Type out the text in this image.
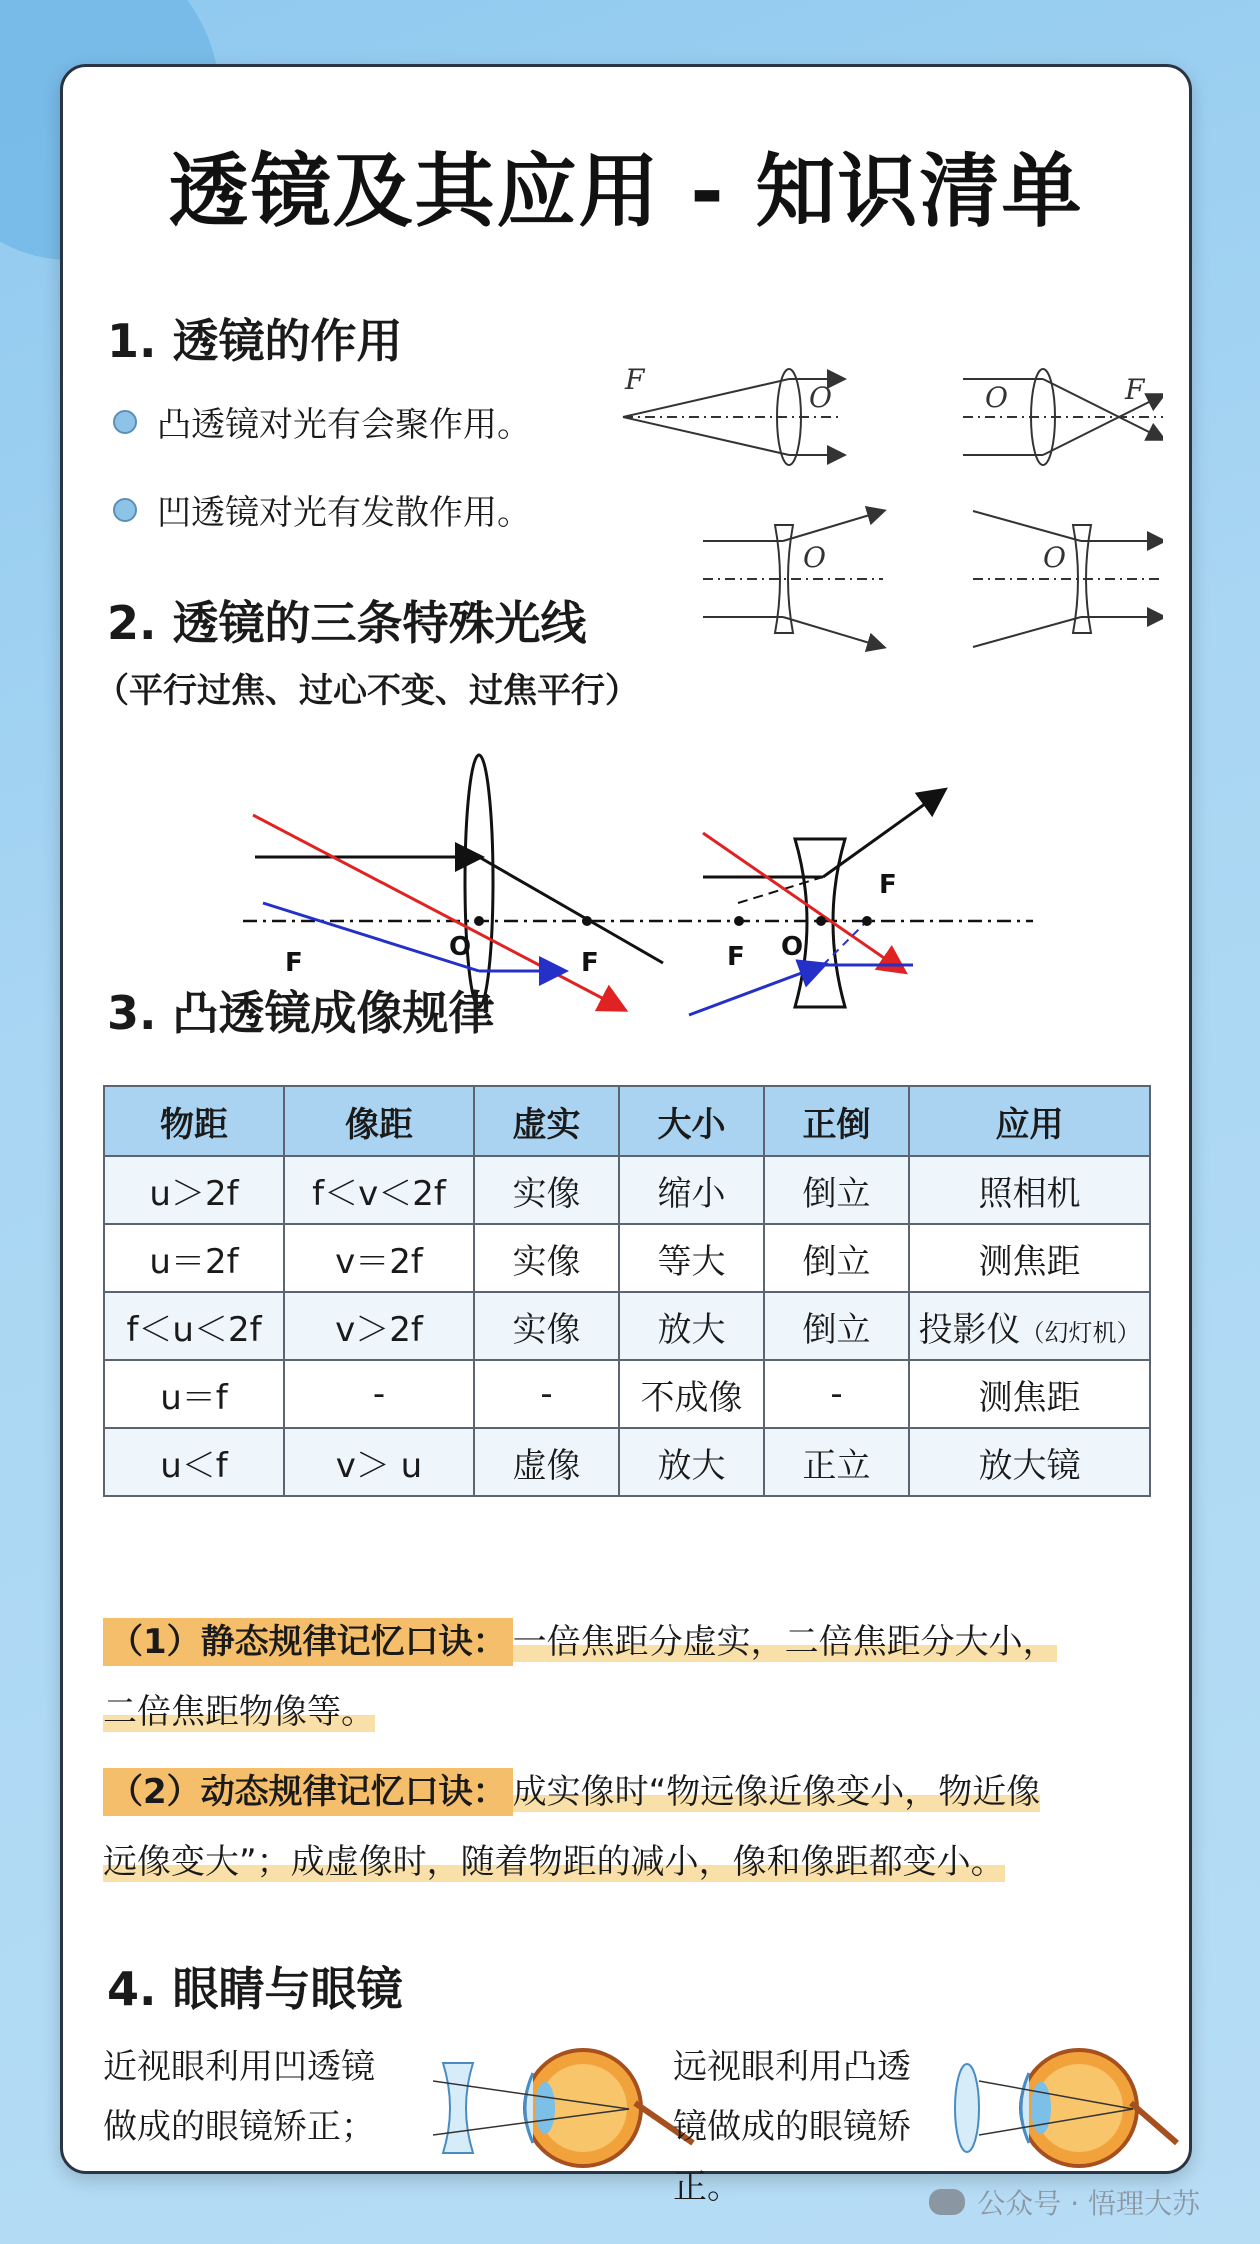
透镜及其应用 - 知识清单
1. 透镜的作用
凸透镜对光有会聚作用。
凹透镜对光有发散作用。
F
O	O	F
O	O
2. 透镜的三条特殊光线
（平行过焦、过心不变、过焦平行）
O
F	F
O
F
F
3. 凸透镜成像规律
物距	像距	虚实	大小	正倒	应用
u＞2f	f＜v＜2f	实像	缩小	倒立	照相机
u＝2f	v＝2f	实像	等大	倒立	测焦距
f＜u＜2f	v＞2f	实像	放大	倒立	投影仪（幻灯机）
u＝f	-	-	不成像	-	测焦距
u＜f	v＞ u	虚像	放大	正立	放大镜
（1）静态规律记忆口诀： 一倍焦距分虚实，二倍焦距分大小，
二倍焦距物像等。
（2）动态规律记忆口诀： 成实像时“物远像近像变小，物近像
远像变大”；成虚像时，随着物距的减小，像和像距都变小。
4. 眼睛与眼镜
近视眼利用凹透镜
做成的眼镜矫正；
远视眼利用凸透
镜做成的眼镜矫
正。	公众号 · 悟理大苏
